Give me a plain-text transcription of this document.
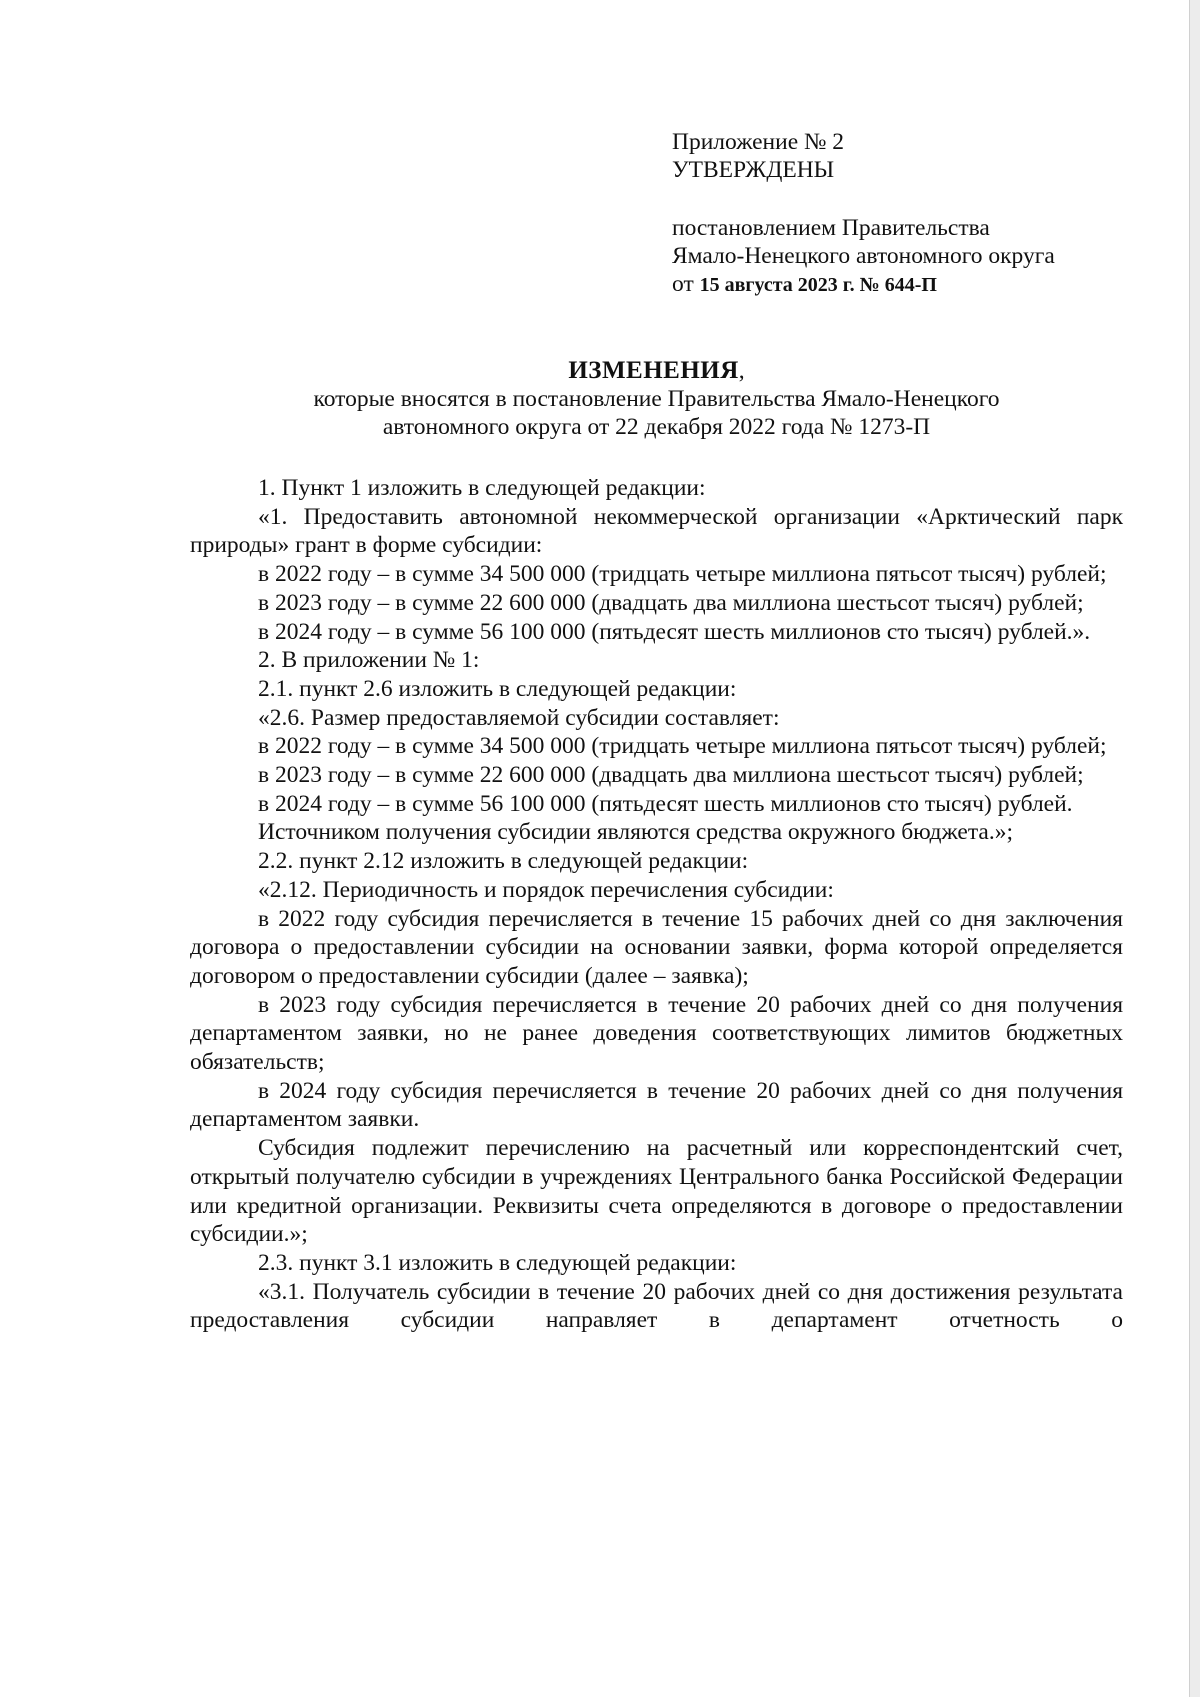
Приложение № 2
УТВЕРЖДЕНЫ
постановлением Правительства
Ямало-Ненецкого автономного округа
от 15 августа 2023 г. № 644-П
ИЗМЕНЕНИЯ,
которые вносятся в постановление Правительства Ямало-Ненецкого
автономного округа от 22 декабря 2022 года № 1273-П

1. Пункт 1 изложить в следующей редакции:

«1. Предоставить автономной некоммерческой организации «Арктический парк природы» грант в форме субсидии:

в 2022 году – в сумме 34 500 000 (тридцать четыре миллиона пятьсот тысяч) рублей;

в 2023 году – в сумме 22 600 000 (двадцать два миллиона шестьсот тысяч) рублей;

в 2024 году – в сумме 56 100 000 (пятьдесят шесть миллионов сто тысяч) рублей.».

2. В приложении № 1:

2.1. пункт 2.6 изложить в следующей редакции:

«2.6. Размер предоставляемой субсидии составляет:

в 2022 году – в сумме 34 500 000 (тридцать четыре миллиона пятьсот тысяч) рублей;

в 2023 году – в сумме 22 600 000 (двадцать два миллиона шестьсот тысяч) рублей;

в 2024 году – в сумме 56 100 000 (пятьдесят шесть миллионов сто тысяч) рублей.

Источником получения субсидии являются средства окружного бюджета.»;

2.2. пункт 2.12 изложить в следующей редакции:

«2.12. Периодичность и порядок перечисления субсидии:

в 2022 году субсидия перечисляется в течение 15 рабочих дней со дня заключения договора о предоставлении субсидии на основании заявки, форма которой определяется договором о предоставлении субсидии (далее – заявка);

в 2023 году субсидия перечисляется в течение 20 рабочих дней со дня получения департаментом заявки, но не ранее доведения соответствующих лимитов бюджетных обязательств;

в 2024 году субсидия перечисляется в течение 20 рабочих дней со дня получения департаментом заявки.

Субсидия подлежит перечислению на расчетный или корреспондентский счет, открытый получателю субсидии в учреждениях Центрального банка Российской Федерации или кредитной организации. Реквизиты счета определяются в договоре о предоставлении субсидии.»;

2.3. пункт 3.1 изложить в следующей редакции:

«3.1. Получатель субсидии в течение 20 рабочих дней со дня достижения результата предоставления субсидии направляет в департамент отчетность о
